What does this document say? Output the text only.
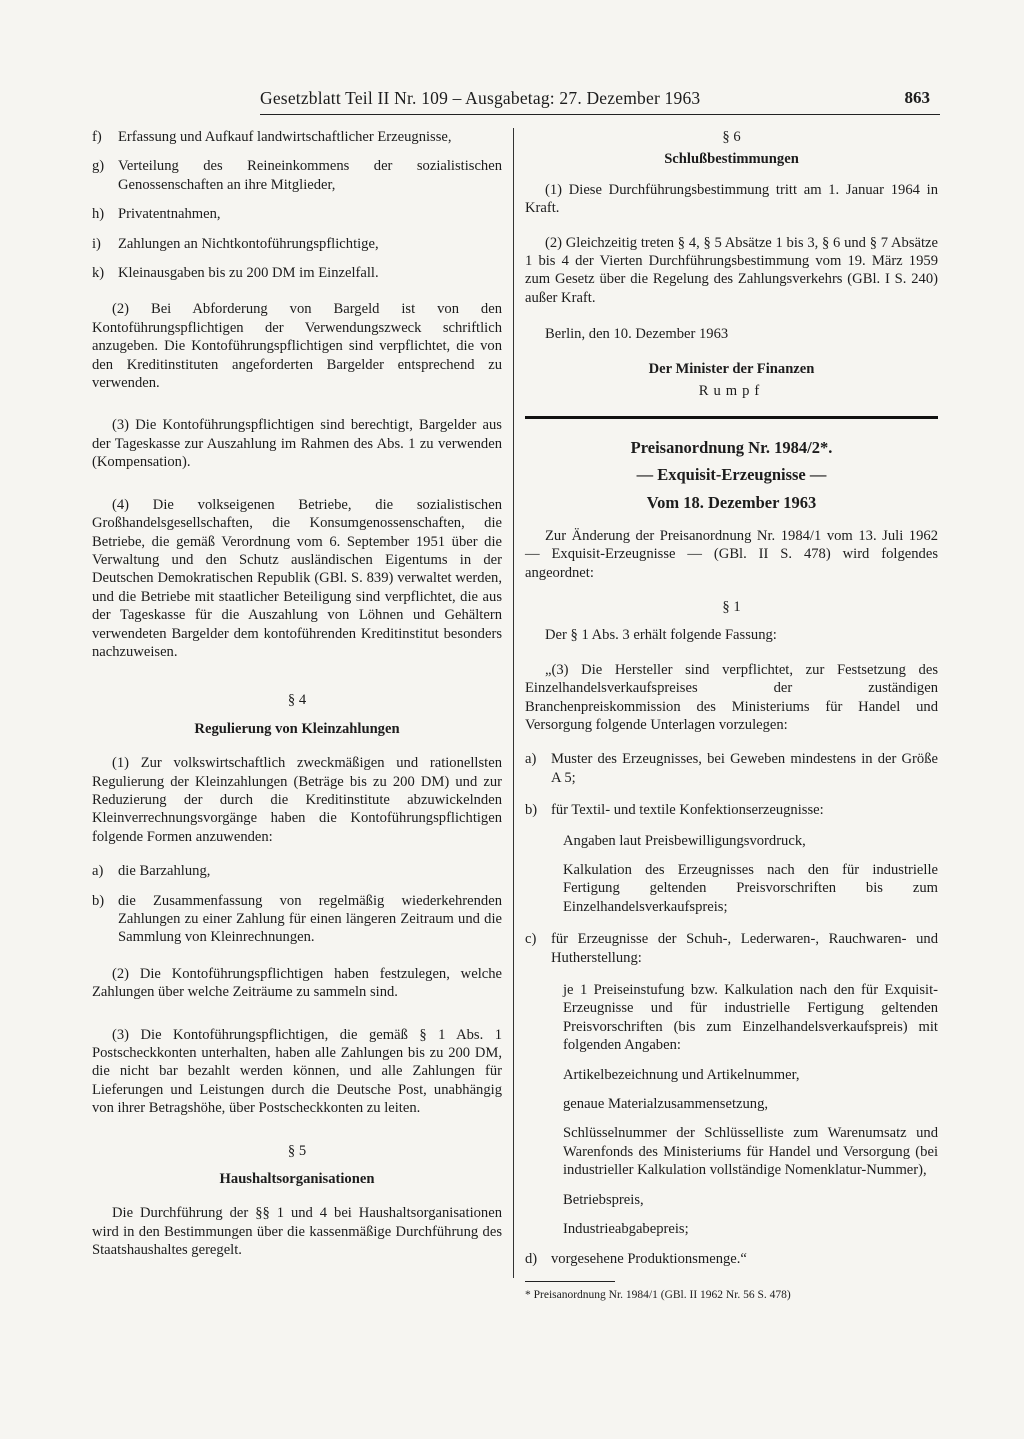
Gesetzblatt Teil II Nr. 109 – Ausgabetag: 27. Dezember 1963	863
f) Erfassung und Aufkauf landwirtschaftlicher Erzeugnisse,

g) Verteilung des Reineinkommens der sozialistischen Genossenschaften an ihre Mitglieder,

h) Privatentnahmen,

i) Zahlungen an Nichtkontoführungspflichtige,

k) Kleinausgaben bis zu 200 DM im Einzelfall.

(2) Bei Abforderung von Bargeld ist von den Kontoführungspflichtigen der Verwendungszweck schriftlich anzugeben. Die Kontoführungspflichtigen sind verpflichtet, die von den Kreditinstituten angeforderten Bargelder entsprechend zu verwenden.

(3) Die Kontoführungspflichtigen sind berechtigt, Bargelder aus der Tageskasse zur Auszahlung im Rahmen des Abs. 1 zu verwenden (Kompensation).

(4) Die volkseigenen Betriebe, die sozialistischen Großhandelsgesellschaften, die Konsumgenossenschaften, die Betriebe, die gemäß Verordnung vom 6. September 1951 über die Verwaltung und den Schutz ausländischen Eigentums in der Deutschen Demokratischen Republik (GBl. S. 839) verwaltet werden, und die Betriebe mit staatlicher Beteiligung sind verpflichtet, die aus der Tageskasse für die Auszahlung von Löhnen und Gehältern verwendeten Bargelder dem kontoführenden Kreditinstitut besonders nachzuweisen.

§ 4
Regulierung von Kleinzahlungen

(1) Zur volkswirtschaftlich zweckmäßigen und rationellsten Regulierung der Kleinzahlungen (Beträge bis zu 200 DM) und zur Reduzierung der durch die Kreditinstitute abzuwickelnden Kleinverrechnungsvorgänge haben die Kontoführungspflichtigen folgende Formen anzuwenden:

a) die Barzahlung,

b) die Zusammenfassung von regelmäßig wiederkehrenden Zahlungen zu einer Zahlung für einen längeren Zeitraum und die Sammlung von Kleinrechnungen.

(2) Die Kontoführungspflichtigen haben festzulegen, welche Zahlungen über welche Zeiträume zu sammeln sind.

(3) Die Kontoführungspflichtigen, die gemäß § 1 Abs. 1 Postscheckkonten unterhalten, haben alle Zahlungen bis zu 200 DM, die nicht bar bezahlt werden können, und alle Zahlungen für Lieferungen und Leistungen durch die Deutsche Post, unabhängig von ihrer Betragshöhe, über Postscheckkonten zu leiten.

§ 5
Haushaltsorganisationen

Die Durchführung der §§ 1 und 4 bei Haushaltsorganisationen wird in den Bestimmungen über die kassenmäßige Durchführung des Staatshaushaltes geregelt.

§ 6
Schlußbestimmungen

(1) Diese Durchführungsbestimmung tritt am 1. Januar 1964 in Kraft.

(2) Gleichzeitig treten § 4, § 5 Absätze 1 bis 3, § 6 und § 7 Absätze 1 bis 4 der Vierten Durchführungsbestimmung vom 19. März 1959 zum Gesetz über die Regelung des Zahlungsverkehrs (GBl. I S. 240) außer Kraft.

Berlin, den 10. Dezember 1963

Der Minister der Finanzen
Rumpf
Preisanordnung Nr. 1984/2*.
— Exquisit-Erzeugnisse —
Vom 18. Dezember 1963

Zur Änderung der Preisanordnung Nr. 1984/1 vom 13. Juli 1962 — Exquisit-Erzeugnisse — (GBl. II S. 478) wird folgendes angeordnet:

§ 1

Der § 1 Abs. 3 erhält folgende Fassung:

„(3) Die Hersteller sind verpflichtet, zur Festsetzung des Einzelhandelsverkaufspreises der zuständigen Branchenpreiskommission des Ministeriums für Handel und Versorgung folgende Unterlagen vorzulegen:

a) Muster des Erzeugnisses, bei Geweben mindestens in der Größe A 5;

b) für Textil- und textile Konfektionserzeugnisse:

Angaben laut Preisbewilligungsvordruck,

Kalkulation des Erzeugnisses nach den für industrielle Fertigung geltenden Preisvorschriften bis zum Einzelhandelsverkaufspreis;

c) für Erzeugnisse der Schuh-, Lederwaren-, Rauchwaren- und Hutherstellung:

je 1 Preiseinstufung bzw. Kalkulation nach den für Exquisit-Erzeugnisse und für industrielle Fertigung geltenden Preisvorschriften (bis zum Einzelhandelsverkaufspreis) mit folgenden Angaben:

Artikelbezeichnung und Artikelnummer,
genaue Materialzusammensetzung,

Schlüsselnummer der Schlüsselliste zum Warenumsatz und Warenfonds des Ministeriums für Handel und Versorgung (bei industrieller Kalkulation vollständige Nomenklatur-Nummer),

Betriebspreis,
Industrieabgabepreis;
d) vorgesehene Produktionsmenge.“

* Preisanordnung Nr. 1984/1 (GBl. II 1962 Nr. 56 S. 478)
